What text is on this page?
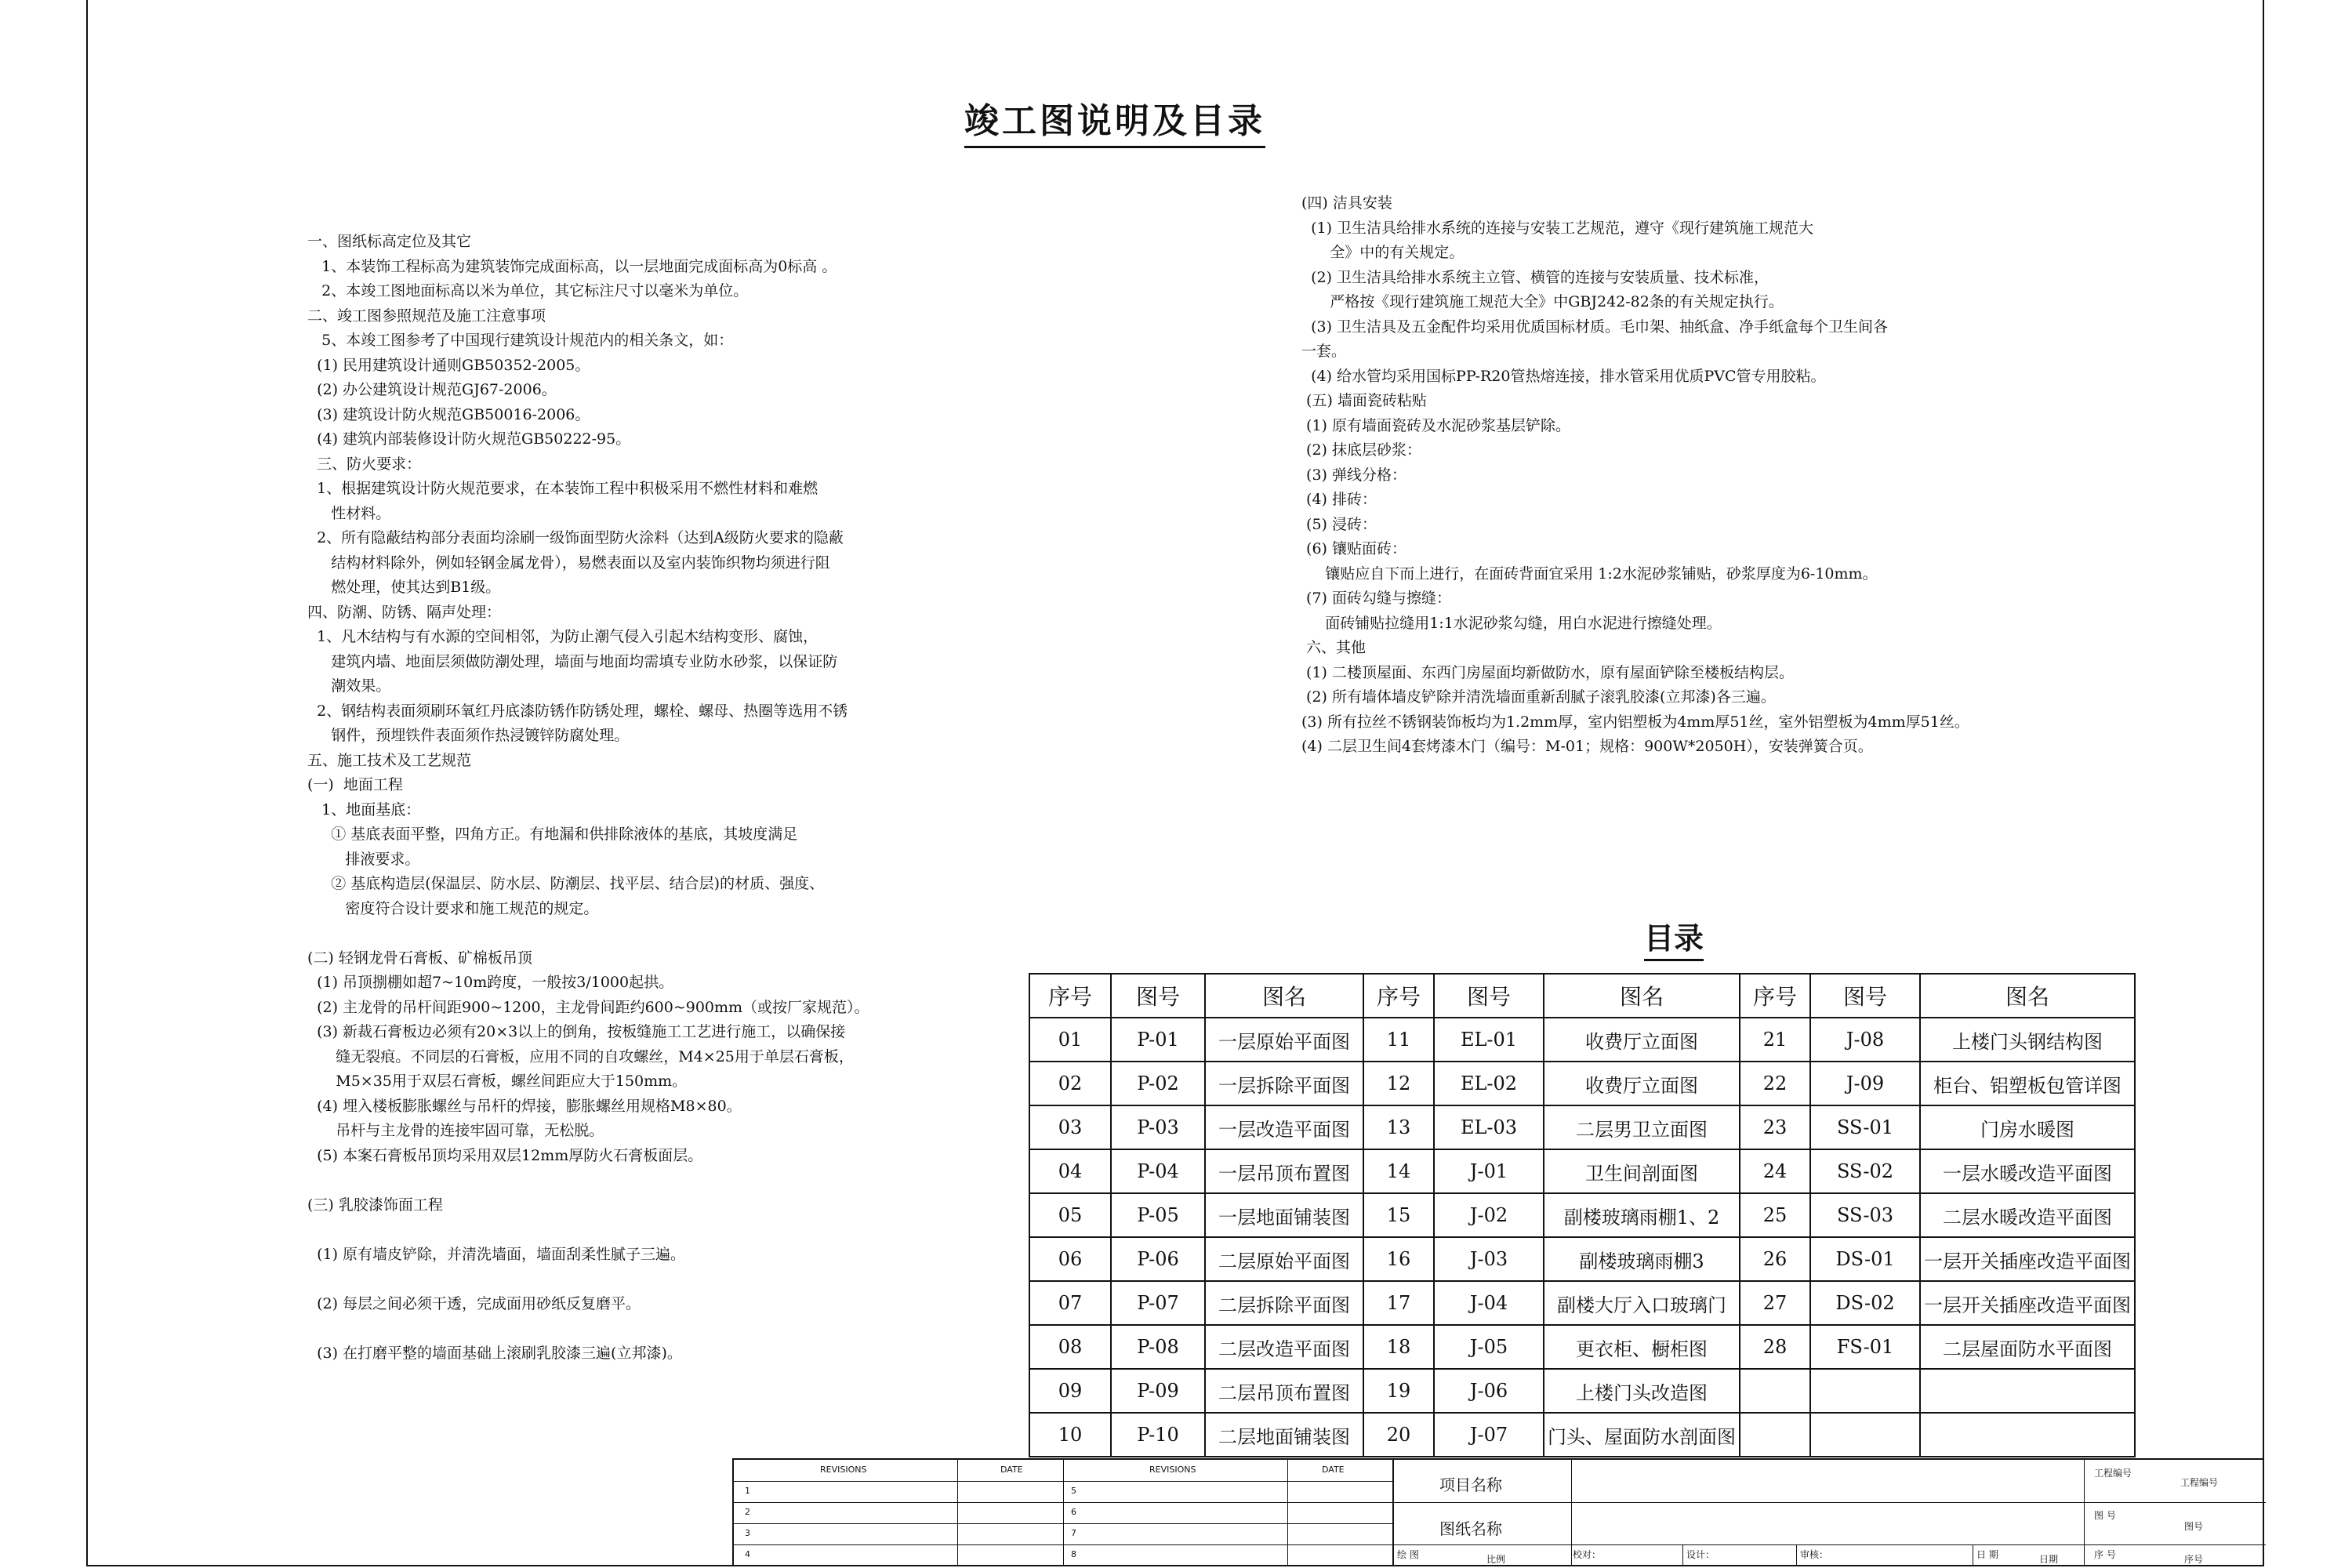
竣工图说明及目录
一、图纸标高定位及其它
1、本装饰工程标高为建筑装饰完成面标高，以一层地面完成面标高为0标高 。
2、本竣工图地面标高以米为单位，其它标注尺寸以毫米为单位。
二、竣工图参照规范及施工注意事项
5、本竣工图参考了中国现行建筑设计规范内的相关条文，如：
(1) 民用建筑设计通则GB50352-2005。
(2) 办公建筑设计规范GJ67-2006。
(3) 建筑设计防火规范GB50016-2006。
(4) 建筑内部装修设计防火规范GB50222-95。
三、防火要求：
1、根据建筑设计防火规范要求，在本装饰工程中积极采用不燃性材料和难燃
性材料。
2、所有隐蔽结构部分表面均涂刷一级饰面型防火涂料（达到A级防火要求的隐蔽
结构材料除外，例如轻钢金属龙骨），易燃表面以及室内装饰织物均须进行阻
燃处理，使其达到B1级。
四、防潮、防锈、隔声处理：
1、凡木结构与有水源的空间相邻，为防止潮气侵入引起木结构变形、腐蚀，
建筑内墙、地面层须做防潮处理，墙面与地面均需填专业防水砂浆，以保证防
潮效果。
2、钢结构表面须刷环氧红丹底漆防锈作防锈处理，螺栓、螺母、热圈等选用不锈
钢件，预埋铁件表面须作热浸镀锌防腐处理。
五、施工技术及工艺规范
(一)  地面工程
1、地面基底：
① 基底表面平整，四角方正。有地漏和供排除液体的基底，其坡度满足
排液要求。
② 基底构造层(保温层、防水层、防潮层、找平层、结合层)的材质、强度、
密度符合设计要求和施工规范的规定。
(二) 轻钢龙骨石膏板、矿棉板吊顶
(1) 吊顶捌棚如超7~10m跨度，一般按3/1000起拱。
(2) 主龙骨的吊杆间距900~1200，主龙骨间距约600~900mm（或按厂家规范）。
(3) 新裁石膏板边必须有20×3以上的倒角，按板缝施工工艺进行施工，以确保接
缝无裂痕。不同层的石膏板，应用不同的自攻螺丝，M4×25用于单层石膏板，
M5×35用于双层石膏板，螺丝间距应大于150mm。
(4) 埋入楼板膨胀螺丝与吊杆的焊接，膨胀螺丝用规格M8×80。
吊杆与主龙骨的连接牢固可靠，无松脱。
(5) 本案石膏板吊顶均采用双层12mm厚防火石膏板面层。
(三) 乳胶漆饰面工程
(1) 原有墙皮铲除，并清洗墙面，墙面刮柔性腻子三遍。
(2) 每层之间必须干透，完成面用砂纸反复磨平。
(3) 在打磨平整的墙面基础上滚刷乳胶漆三遍(立邦漆)。
(四) 洁具安装
(1) 卫生洁具给排水系统的连接与安装工艺规范，遵守《现行建筑施工规范大
全》中的有关规定。
(2) 卫生洁具给排水系统主立管、横管的连接与安装质量、技术标准，
严格按《现行建筑施工规范大全》中GBJ242-82条的有关规定执行。
(3) 卫生洁具及五金配件均采用优质国标材质。毛巾架、抽纸盒、净手纸盒每个卫生间各
一套。
(4) 给水管均采用国标PP-R20管热熔连接，排水管采用优质PVC管专用胶粘。
(五) 墙面瓷砖粘贴
(1) 原有墙面瓷砖及水泥砂浆基层铲除。
(2) 抹底层砂浆：
(3) 弹线分格：
(4) 排砖：
(5) 浸砖：
(6) 镶贴面砖：
镶贴应自下而上进行，在面砖背面宜采用 1:2水泥砂浆铺贴，砂浆厚度为6-10mm。
(7) 面砖勾缝与擦缝：
面砖铺贴拉缝用1:1水泥砂浆勾缝，用白水泥进行擦缝处理。
六、其他
(1) 二楼顶屋面、东西门房屋面均新做防水，原有屋面铲除至楼板结构层。
(2) 所有墙体墙皮铲除并清洗墙面重新刮腻子滚乳胶漆(立邦漆)各三遍。
(3) 所有拉丝不锈钢装饰板均为1.2mm厚，室内铝塑板为4mm厚51丝，室外铝塑板为4mm厚51丝。
(4) 二层卫生间4套烤漆木门（编号：M-01；规格：900W*2050H），安装弹簧合页。
目录
序号	图号	图名	序号	图号	图名	序号	图号	图名
01	P-01	一层原始平面图	11	EL-01	收费厅立面图	21	J-08	上楼门头钢结构图
02	P-02	一层拆除平面图	12	EL-02	收费厅立面图	22	J-09	柜台、铝塑板包管详图
03	P-03	一层改造平面图	13	EL-03	二层男卫立面图	23	SS-01	门房水暖图
04	P-04	一层吊顶布置图	14	J-01	卫生间剖面图	24	SS-02	一层水暖改造平面图
05	P-05	一层地面铺装图	15	J-02	副楼玻璃雨棚1、2	25	SS-03	二层水暖改造平面图
06	P-06	二层原始平面图	16	J-03	副楼玻璃雨棚3	26	DS-01	一层开关插座改造平面图
07	P-07	二层拆除平面图	17	J-04	副楼大厅入口玻璃门	27	DS-02	一层开关插座改造平面图
08	P-08	二层改造平面图	18	J-05	更衣柜、橱柜图	28	FS-01	二层屋面防水平面图
09	P-09	二层吊顶布置图	19	J-06	上楼门头改造图			
10	P-10	二层地面铺装图	20	J-07	门头、屋面防水剖面图			
REVISIONS	DATE	REVISIONS	DATE
1	5
2	6
3	7
4	8
项目名称
图纸名称
工程编号
工程编号
图 号
图号
绘 图	比例	校对：	设计：	审核：	日 期	日期	序 号	序号
